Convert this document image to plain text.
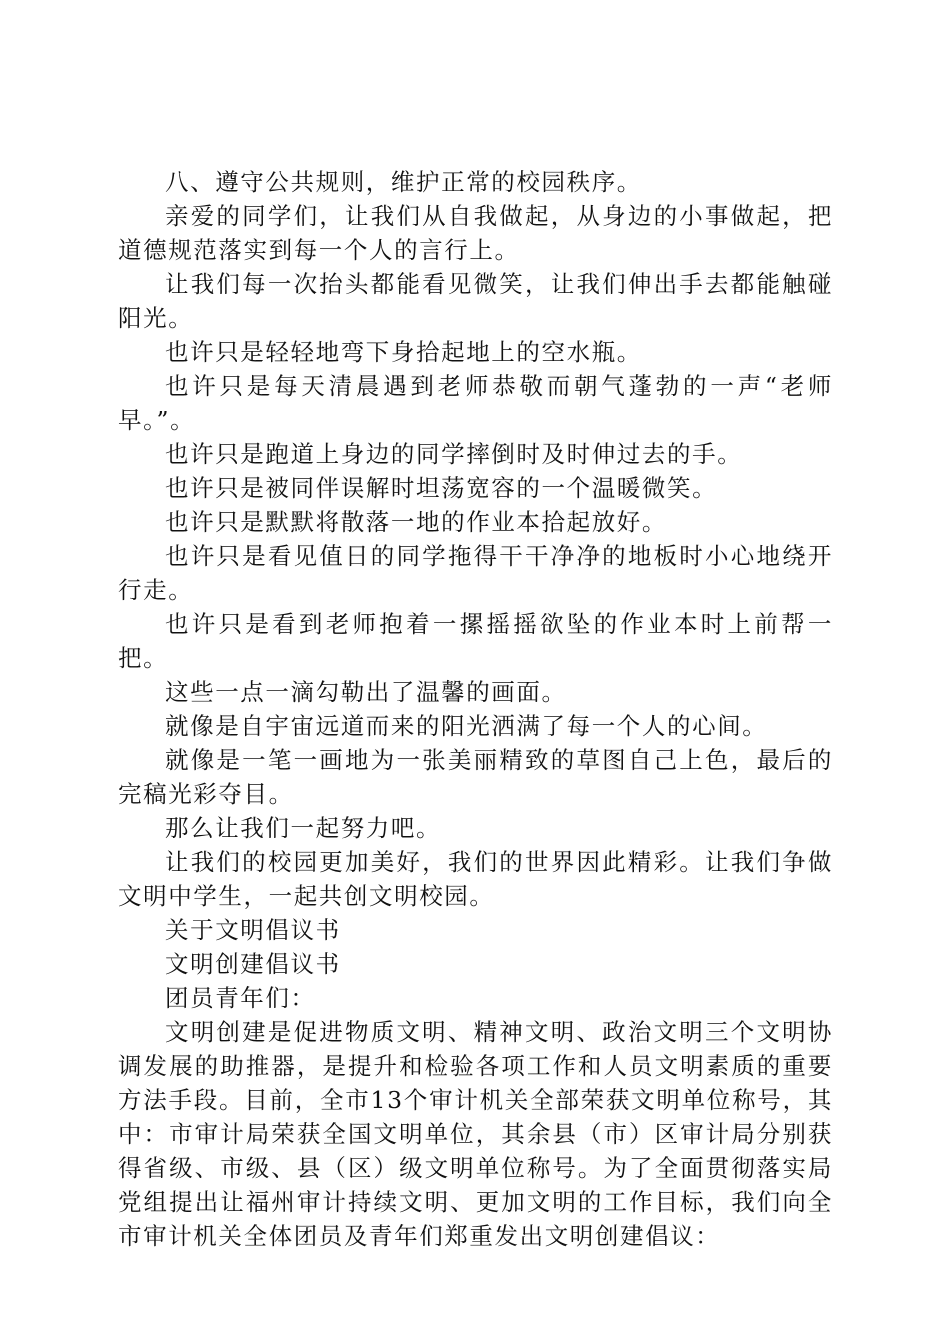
八、遵守公共规则，维护正常的校园秩序。

亲爱的同学们，让我们从自我做起，从身边的小事做起，把道德规范落实到每一个人的言行上。

让我们每一次抬头都能看见微笑，让我们伸出手去都能触碰阳光。

也许只是轻轻地弯下身拾起地上的空水瓶。

也许只是每天清晨遇到老师恭敬而朝气蓬勃的一声“老师早。”。

也许只是跑道上身边的同学摔倒时及时伸过去的手。

也许只是被同伴误解时坦荡宽容的一个温暖微笑。

也许只是默默将散落一地的作业本拾起放好。

也许只是看见值日的同学拖得干干净净的地板时小心地绕开行走。

也许只是看到老师抱着一摞摇摇欲坠的作业本时上前帮一把。

这些一点一滴勾勒出了温馨的画面。

就像是自宇宙远道而来的阳光洒满了每一个人的心间。

就像是一笔一画地为一张美丽精致的草图自己上色，最后的完稿光彩夺目。

那么让我们一起努力吧。

让我们的校园更加美好，我们的世界因此精彩。让我们争做文明中学生，一起共创文明校园。

关于文明倡议书

文明创建倡议书

团员青年们：

文明创建是促进物质文明、精神文明、政治文明三个文明协调发展的助推器，是提升和检验各项工作和人员文明素质的重要方法手段。目前，全市13个审计机关全部荣获文明单位称号，其中：市审计局荣获全国文明单位，其余县（市）区审计局分别获得省级、市级、县（区）级文明单位称号。为了全面贯彻落实局党组提出让福州审计持续文明、更加文明的工作目标，我们向全市审计机关全体团员及青年们郑重发出文明创建倡议：
